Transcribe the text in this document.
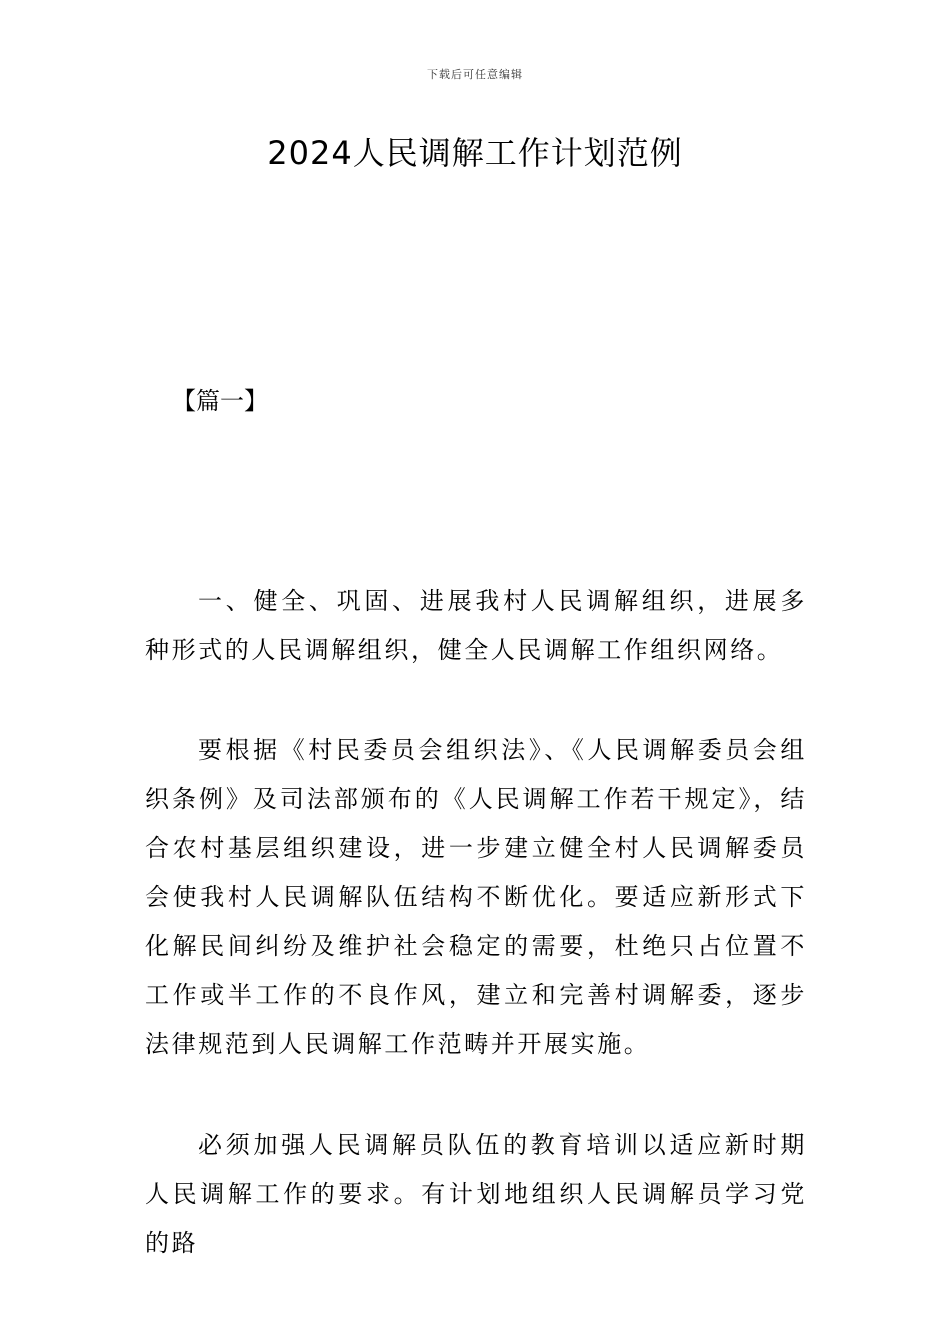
下载后可任意编辑
2024人民调解工作计划范例

【篇一】

一、健全、巩固、进展我村人民调解组织，进展多种形式的人民调解组织，健全人民调解工作组织网络。

要根据《村民委员会组织法》、《人民调解委员会组织条例》及司法部颁布的《人民调解工作若干规定》，结合农村基层组织建设，进一步建立健全村人民调解委员会使我村人民调解队伍结构不断优化。要适应新形式下化解民间纠纷及维护社会稳定的需要，杜绝只占位置不工作或半工作的不良作风，建立和完善村调解委，逐步法律规范到人民调解工作范畴并开展实施。

必须加强人民调解员队伍的教育培训以适应新时期人民调解工作的要求。有计划地组织人民调解员学习党的路
